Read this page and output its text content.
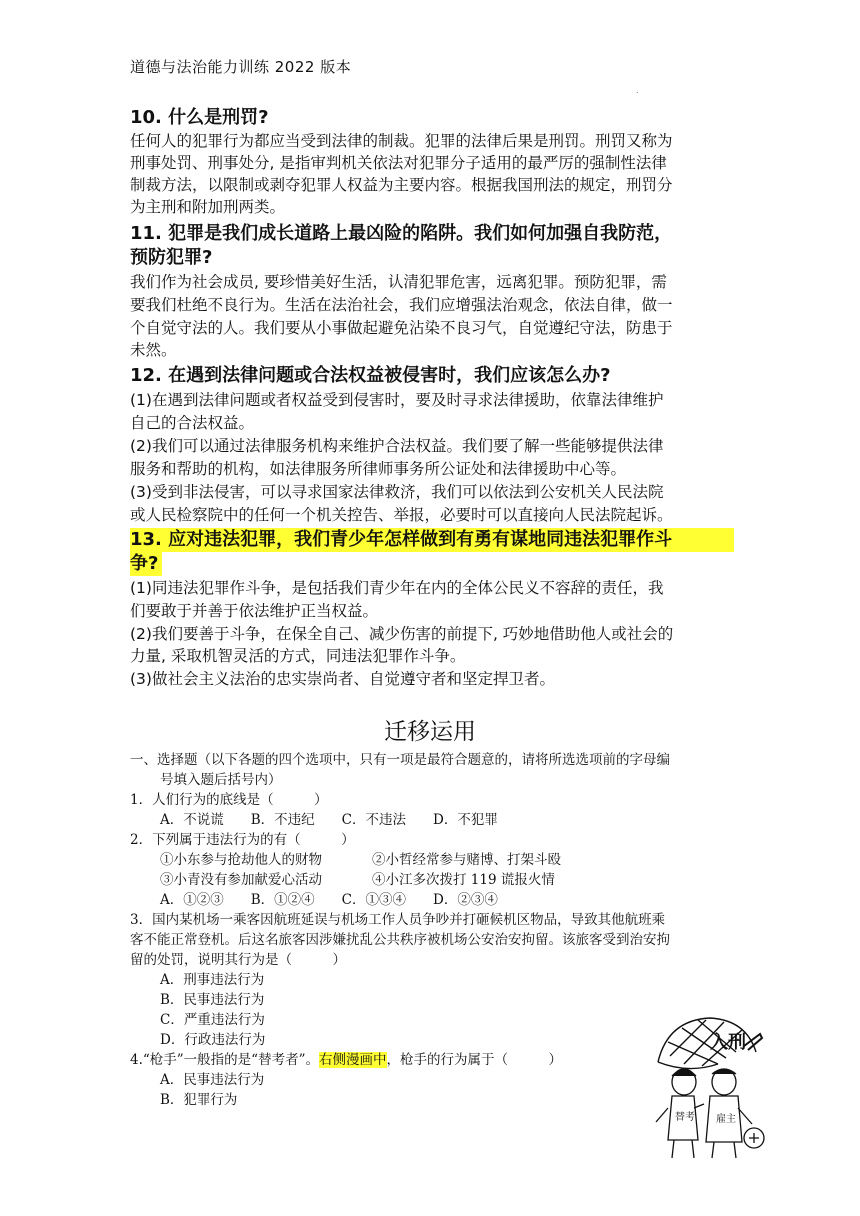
道德与法治能力训练 2022 版本
.
10. 什么是刑罚?
任何人的犯罪行为都应当受到法律的制裁。犯罪的法律后果是刑罚。刑罚又称为
刑事处罚、刑事处分, 是指审判机关依法对犯罪分子适用的最严厉的强制性法律
制裁方法，以限制或剥夺犯罪人权益为主要内容。根据我国刑法的规定，刑罚分
为主刑和附加刑两类。
11. 犯罪是我们成长道路上最凶险的陷阱。我们如何加强自我防范，
预防犯罪?
我们作为社会成员, 要珍惜美好生活，认清犯罪危害，远离犯罪。预防犯罪，需
要我们杜绝不良行为。生活在法治社会，我们应增强法治观念，依法自律，做一
个自觉守法的人。我们要从小事做起避免沾染不良习气，自觉遵纪守法，防患于
未然。
12. 在遇到法律问题或合法权益被侵害时，我们应该怎么办?
(1)在遇到法律问题或者权益受到侵害时，要及时寻求法律援助，依靠法律维护
自己的合法权益。
(2)我们可以通过法律服务机构来维护合法权益。我们要了解一些能够提供法律
服务和帮助的机构，如法律服务所律师事务所公证处和法律援助中心等。
(3)受到非法侵害，可以寻求国家法律救济，我们可以依法到公安机关人民法院
或人民检察院中的任何一个机关控告、举报，必要时可以直接向人民法院起诉。
13. 应对违法犯罪，我们青少年怎样做到有勇有谋地同违法犯罪作斗
争?
(1)同违法犯罪作斗争，是包括我们青少年在内的全体公民义不容辞的责任，我
们要敢于并善于依法维护正当权益。
(2)我们要善于斗争，在保全自己、减少伤害的前提下, 巧妙地借助他人或社会的
力量, 采取机智灵活的方式，同违法犯罪作斗争。
(3)做社会主义法治的忠实崇尚者、自觉遵守者和坚定捍卫者。
迁移运用
一、选择题（以下各题的四个选项中，只有一项是最符合题意的，请将所选选项前的字母编
号填入题后括号内）
1．人们行为的底线是（　　　）
A．不说谎　　B．不违纪　　C．不违法　　D．不犯罪
2．下列属于违法行为的有（　　　）
①小东参与抢劫他人的财物	②小哲经常参与赌博、打架斗殴
③小青没有参加献爱心活动	④小江多次拨打 119 谎报火情
A．①②③　　B．①②④　　C．①③④　　D．②③④
3．国内某机场一乘客因航班延误与机场工作人员争吵并打砸候机区物品，导致其他航班乘
客不能正常登机。后这名旅客因涉嫌扰乱公共秩序被机场公安治安拘留。该旅客受到治安拘
留的处罚，说明其行为是（　　　）
A．刑事违法行为
B．民事违法行为
C．严重违法行为
D．行政违法行为
4.“枪手”一般指的是“替考者”。右侧漫画中，枪手的行为属于（　　　）
A．民事违法行为
B．犯罪行为
入刑
替考 雇主
